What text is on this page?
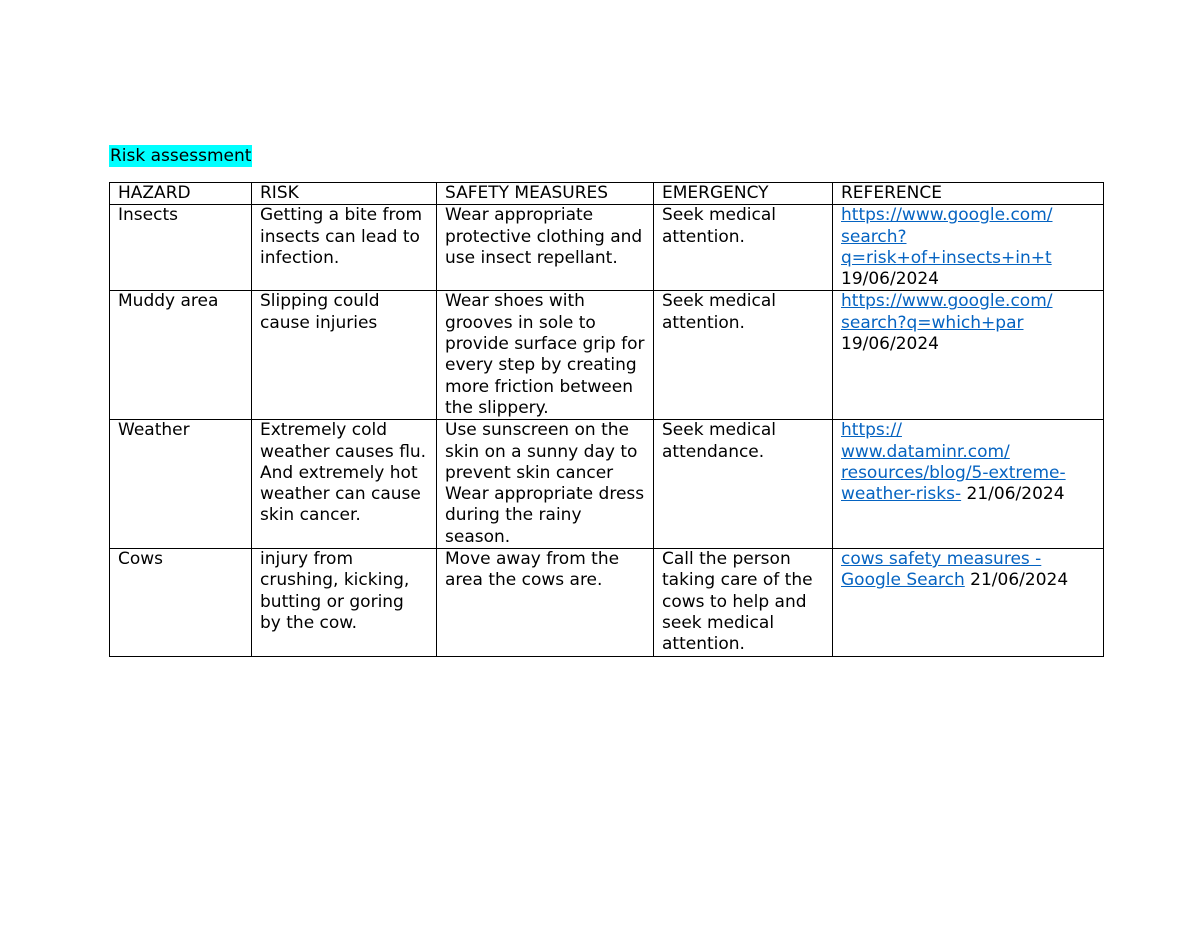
Risk assessment
HAZARD	RISK	SAFETY MEASURES	EMERGENCY	REFERENCE
Insects	Getting a bite from insects can lead to infection.	Wear appropriate protective clothing and use insect repellant.	Seek medical
attention.	https://www.google.com/
search?
q=risk+of+insects+in+t
19/06/2024
Muddy area	Slipping could cause injuries	Wear shoes with grooves in sole to provide surface grip for every step by creating more friction between the slippery.	Seek medical attention.	https://www.google.com/
search?q=which+par
19/06/2024
Weather	Extremely cold weather causes flu.
And extremely hot weather can cause skin cancer.	Use sunscreen on the skin on a sunny day to prevent skin cancer
Wear appropriate dress during the rainy season.	Seek medical attendance.	https://
www.dataminr.com/
resources/blog/5-extreme-
weather-risks- 21/06/2024
Cows	injury from crushing, kicking, butting or goring by the cow.	Move away from the area the cows are.	Call the person taking care of the cows to help and seek medical attention.	cows safety measures -
Google Search 21/06/2024
